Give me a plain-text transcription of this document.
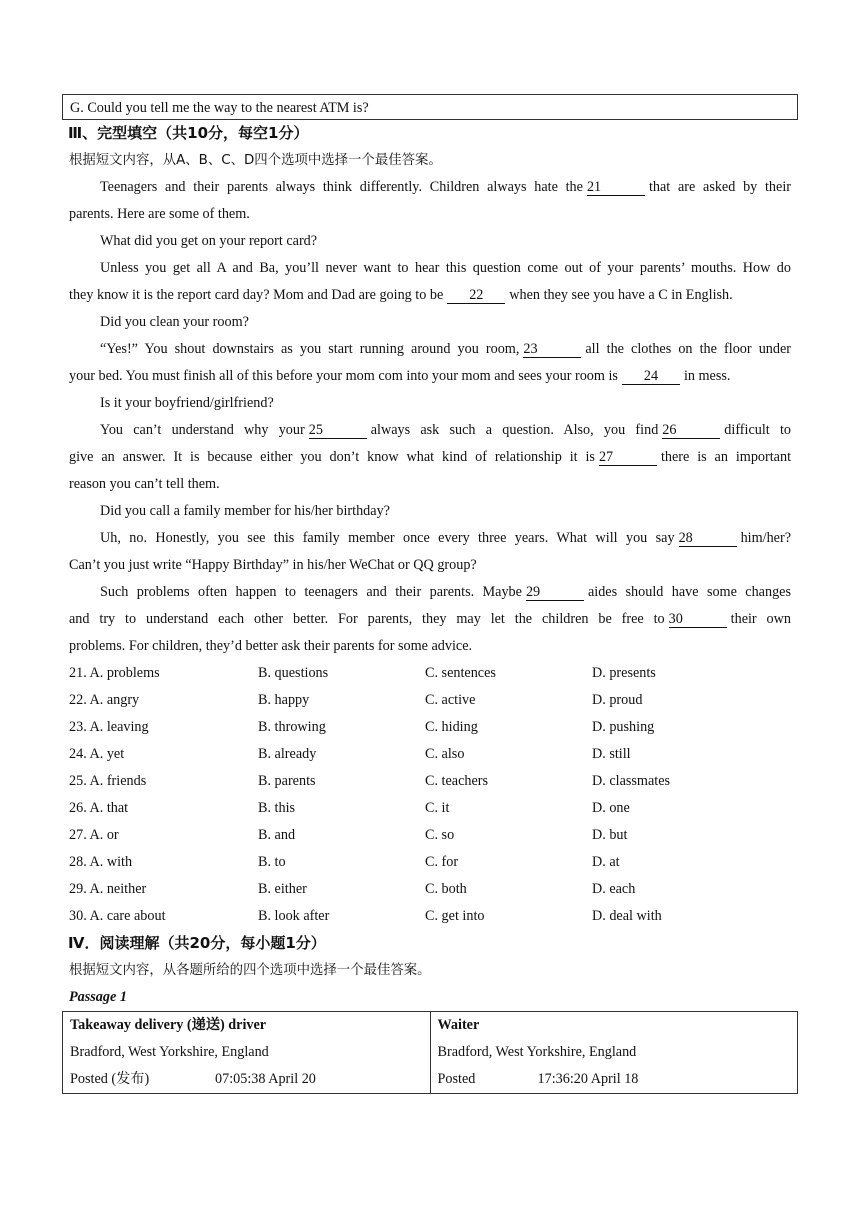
G. Could you tell me the way to the nearest ATM is?
Ⅲ、完型填空（共10分，每空1分）
根据短文内容，从A、B、C、D四个选项中选择一个最佳答案。
Teenagers and their parents always think differently. Children always hate the 21	that are asked by their
parents. Here are some of them.
What did you get on your report card?
Unless you get all A and Ba, you’ll never want to hear this question come out of your parents’ mouths. How do
they know it is the report card day? Mom and Dad are going to be 22 when they see you have a C in English.
Did you clean your room?
“Yes!” You shout downstairs as you start running around you room, 23	all the clothes on the floor under
your bed. You must finish all of this before your mom com into your mom and sees your room is 24 in mess.
Is it your boyfriend/girlfriend?
You can’t understand why your 25	always ask such a question. Also, you find 26	difficult to
give an answer. It is because either you don’t know what kind of relationship it is 27	there is an important
reason you can’t tell them.
Did you call a family member for his/her birthday?
Uh, no. Honestly, you see this family member once every three years. What will you say 28	him/her?
Can’t you just write “Happy Birthday” in his/her WeChat or QQ group?
Such problems often happen to teenagers and their parents. Maybe 29	aides should have some changes
and try to understand each other better. For parents, they may let the children be free to 30	their own
problems. For children, they’d better ask their parents for some advice.
21. A. problems	B. questions	C. sentences	D. presents
22. A. angry	B. happy	C. active	D. proud
23. A. leaving	B. throwing	C. hiding	D. pushing
24. A. yet	B. already	C. also	D. still
25. A. friends	B. parents	C. teachers	D. classmates
26. A. that	B. this	C. it	D. one
27. A. or	B. and	C. so	D. but
28. A. with	B. to	C. for	D. at
29. A. neither	B. either	C. both	D. each
30. A. care about	B. look after	C. get into	D. deal with
Ⅳ．阅读理解（共20分，每小题1分）
根据短文内容，从各题所给的四个选项中选择一个最佳答案。
Passage 1
Takeaway delivery (递送) driver
Bradford, West Yorkshire, England
Posted (发布)	07:05:38 April 20

Waiter
Bradford, West Yorkshire, England
Posted	17:36:20 April 18
